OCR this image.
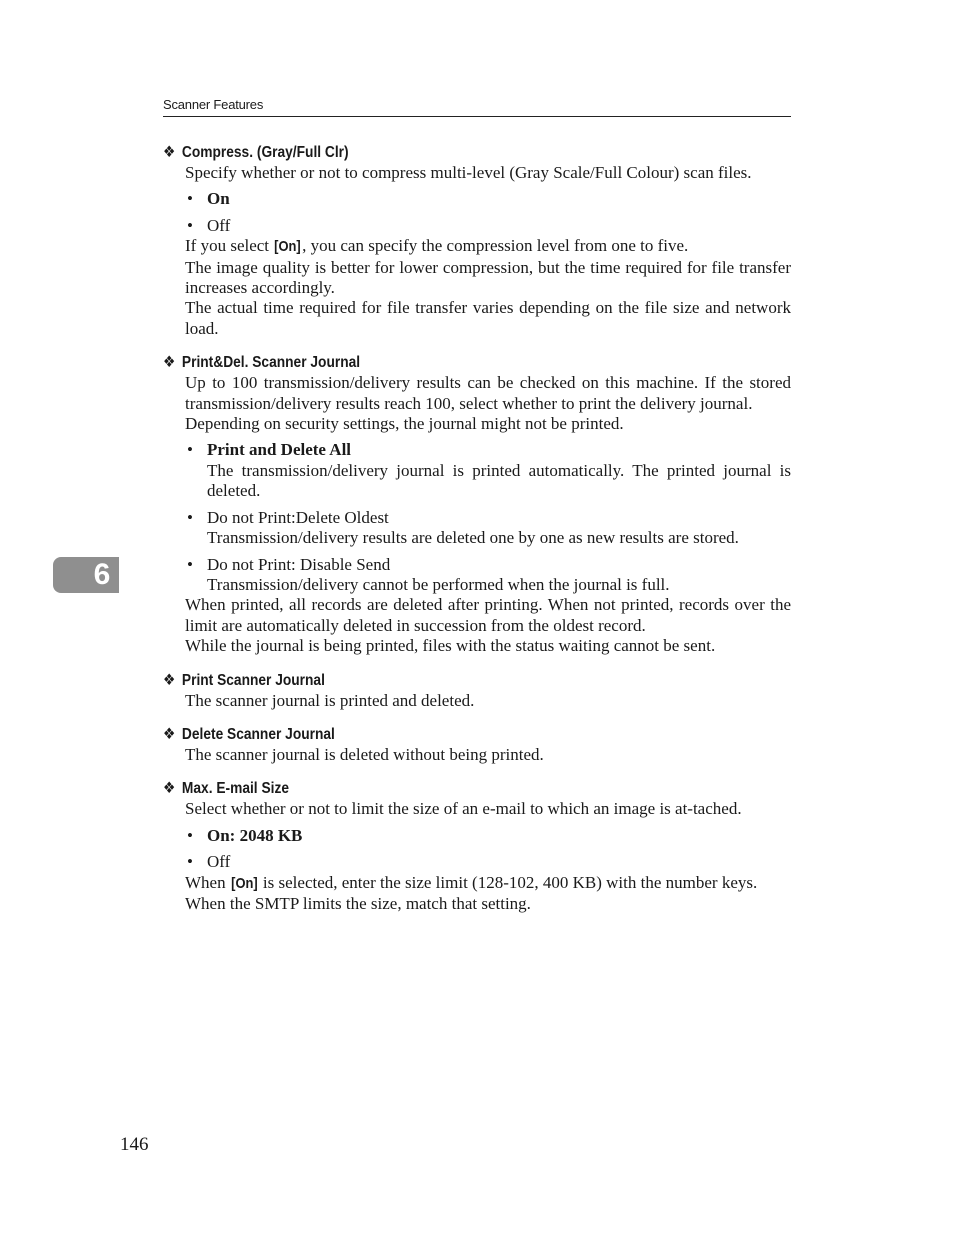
Scanner Features
❖ Compress. (Gray/Full Clr)

Specify whether or not to compress multi-level (Gray Scale/Full Colour) scan files.

• On
• Off

If you select [On], you can specify the compression level from one to five.

The image quality is better for lower compression, but the time required for file transfer increases accordingly.

The actual time required for file transfer varies depending on the file size and network load.

❖ Print&Del. Scanner Journal

Up to 100 transmission/delivery results can be checked on this machine. If the stored transmission/delivery results reach 100, select whether to print the delivery journal.

Depending on security settings, the journal might not be printed.

• Print and Delete All
The transmission/delivery journal is printed automatically. The printed journal is deleted.
• Do not Print:Delete Oldest
Transmission/delivery results are deleted one by one as new results are stored.
• Do not Print: Disable Send
Transmission/delivery cannot be performed when the journal is full.

When printed, all records are deleted after printing. When not printed, records over the limit are automatically deleted in succession from the oldest record.

While the journal is being printed, files with the status waiting cannot be sent.

❖ Print Scanner Journal

The scanner journal is printed and deleted.

❖ Delete Scanner Journal

The scanner journal is deleted without being printed.

❖ Max. E-mail Size

Select whether or not to limit the size of an e-mail to which an image is at-tached.

• On: 2048 KB
• Off

When [On] is selected, enter the size limit (128-102, 400 KB) with the number keys.

When the SMTP limits the size, match that setting.

6
146
